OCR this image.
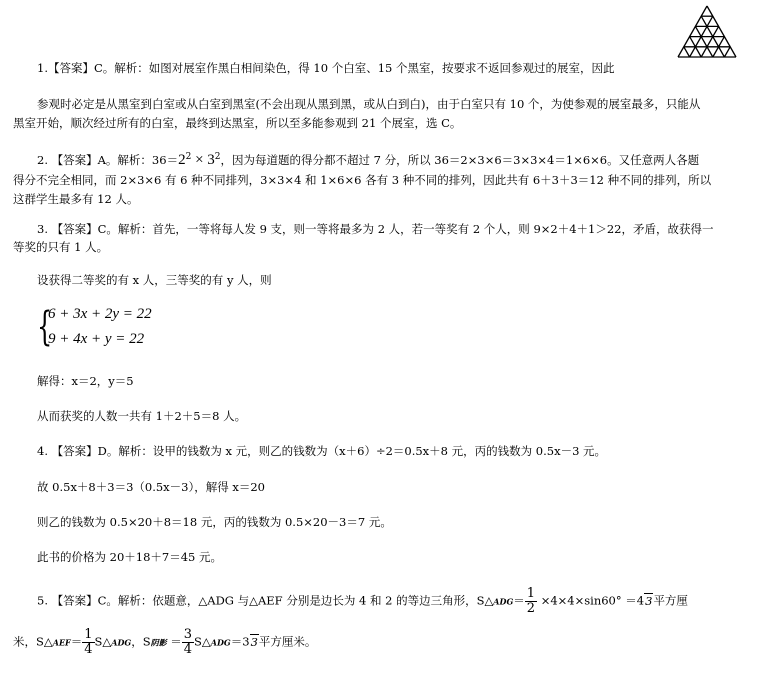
1.【答案】C。解析：如图对展室作黑白相间染色，得 10 个白室、15 个黑室，按要求不返回参观过的展室，因此
参观时必定是从黑室到白室或从白室到黑室(不会出现从黑到黑，或从白到白)，由于白室只有 10 个，为使参观的展室最多，只能从
黑室开始，顺次经过所有的白室，最终到达黑室，所以至多能参观到 21 个展室，选 C。
2. 【答案】A。解析：$36=2^2 \times 3^2$，因为每道题的得分都不超过 7 分，所以 36＝2×3×6＝3×3×4＝1×6×6。又任意两人各题
得分不完全相同，而 2×3×6 有 6 种不同排列，3×3×4 和 1×6×6 各有 3 种不同的排列，因此共有 6＋3＋3＝12 种不同的排列，所以
这群学生最多有 12 人。
3. 【答案】C。解析：首先，一等将每人发 9 支，则一等将最多为 2 人，若一等奖有 2 个人，则 9×2＋4＋1＞22，矛盾，故获得一
等奖的只有 1 人。
设获得二等奖的有 x 人，三等奖的有 y 人，则
{
6 + 3x + 2y = 22
9 + 4x + y = 22
解得：x＝2，y＝5
从而获奖的人数一共有 1＋2＋5＝8 人。
4. 【答案】D。解析：设甲的钱数为 x 元，则乙的钱数为（x＋6）÷2＝0.5x＋8 元，丙的钱数为 0.5x－3 元。
故 0.5x＋8＋3＝3（0.5x－3），解得 x＝20
则乙的钱数为 0.5×20＋8＝18 元，丙的钱数为 0.5×20－3＝7 元。
此书的价格为 20＋18＋7＝45 元。
5. 【答案】C。解析：依题意，△ADG 与△AEF 分别是边长为 4 和 2 的等边三角形，S△ADG＝ $\frac{1}{2} \times 4\times 4\times\sin 60^\circ =43$平方厘
米，S△AEF＝ $\frac{1}{4}$ S△ADG，S阴影 ＝ $\frac{3}{4}$ S△ADG＝33平方厘米。
